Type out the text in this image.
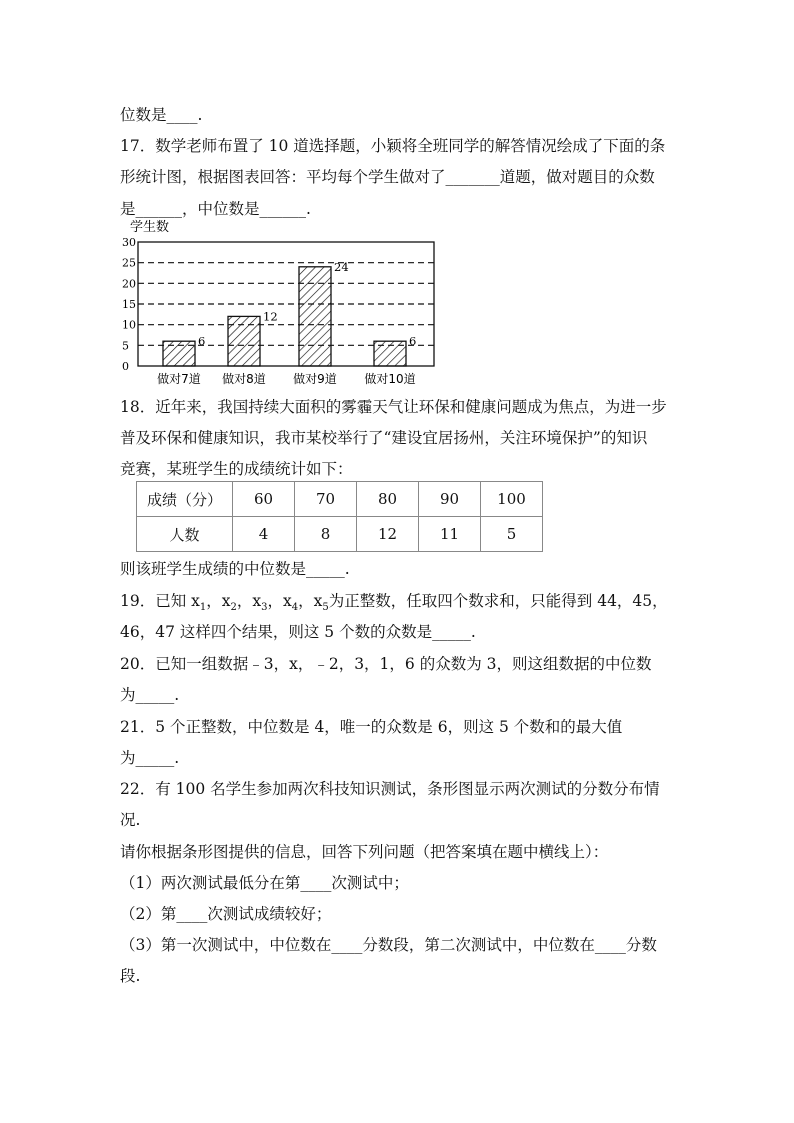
位数是____.
17．数学老师布置了 10 道选择题，小颖将全班同学的解答情况绘成了下面的条
形统计图，根据图表回答：平均每个学生做对了_______道题，做对题目的众数
是______，中位数是______.
学生数
0
5
10
15
20
25
30
6
12
24
6
做对7道 做对8道 做对9道 做对10道
18．近年来，我国持续大面积的雾霾天气让环保和健康问题成为焦点，为进一步
普及环保和健康知识，我市某校举行了“建设宜居扬州，关注环境保护”的知识
竞赛，某班学生的成绩统计如下：
成绩（分）	60	70	80	90	100
人数	4	8	12	11	5
则该班学生成绩的中位数是_____.
19．已知 $x_1$，$x_2$，$x_3$，$x_4$，$x_5$为正整数，任取四个数求和，只能得到 44，45，
46，47 这样四个结果，则这 5 个数的众数是_____.
20．已知一组数据﹣3，x，﹣2，3，1，6 的众数为 3，则这组数据的中位数
为_____.
21．5 个正整数，中位数是 4，唯一的众数是 6，则这 5 个数和的最大值
为_____.
22．有 100 名学生参加两次科技知识测试，条形图显示两次测试的分数分布情
况.
请你根据条形图提供的信息，回答下列问题（把答案填在题中横线上）：
（1）两次测试最低分在第____次测试中；
（2）第____次测试成绩较好；
（3）第一次测试中，中位数在____分数段，第二次测试中，中位数在____分数
段.
